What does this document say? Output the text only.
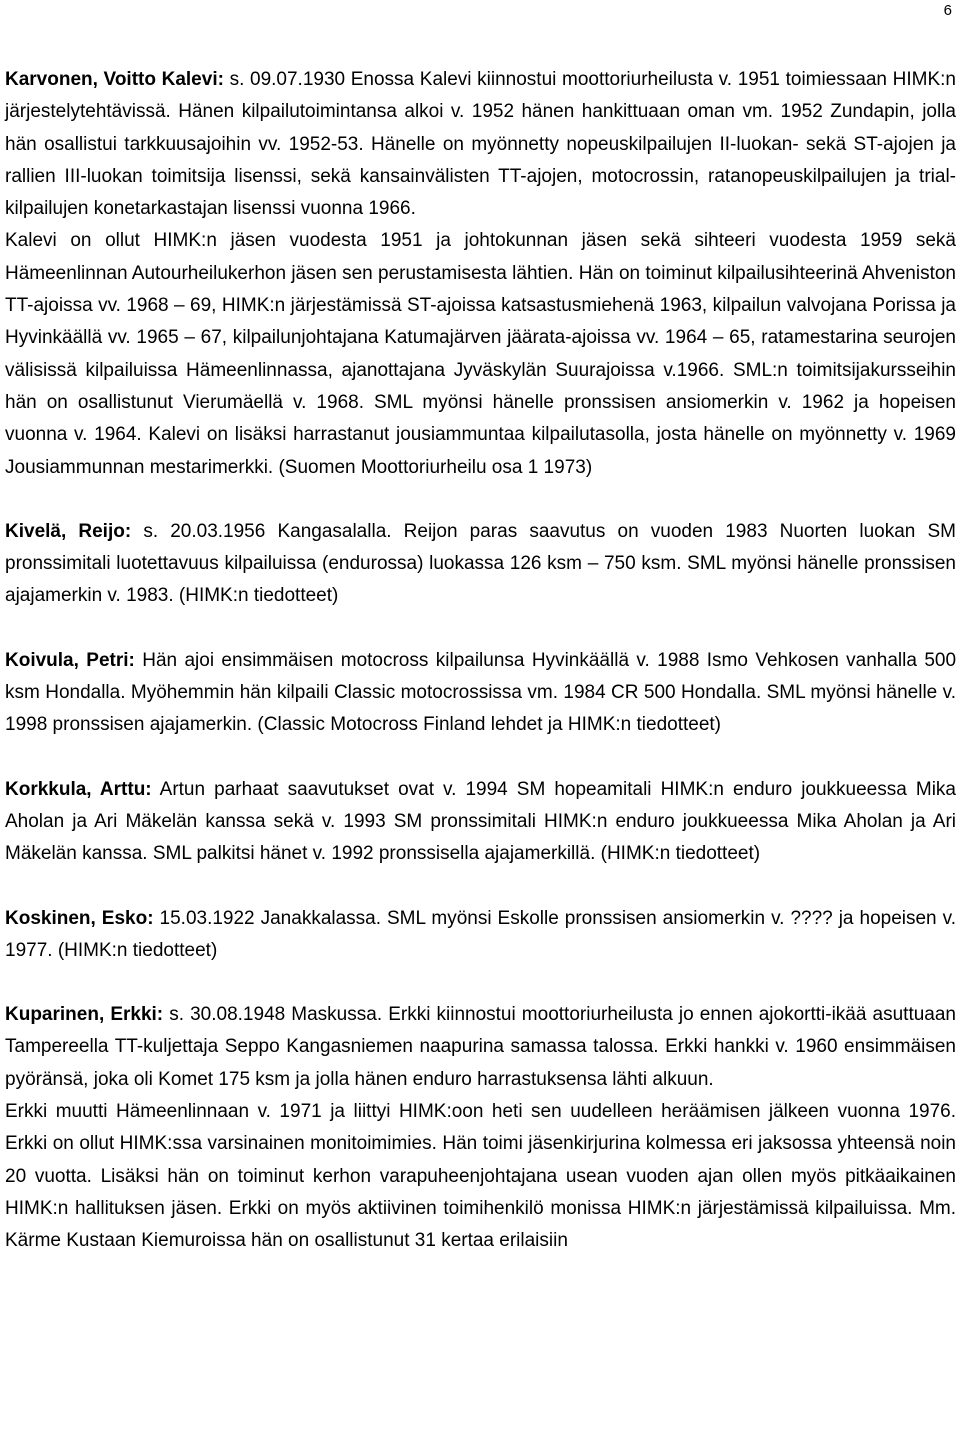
6

Karvonen, Voitto Kalevi: s. 09.07.1930 Enossa Kalevi kiinnostui moottoriurheilusta v. 1951 toimiessaan HIMK:n järjestelytehtävissä. Hänen kilpailutoimintansa alkoi v. 1952 hänen hankittuaan oman vm. 1952 Zundapin, jolla hän osallistui tarkkuusajoihin vv. 1952-53. Hänelle on myönnetty nopeuskilpailujen II-luokan- sekä ST-ajojen ja rallien III-luokan toimitsija lisenssi, sekä kansainvälisten TT-ajojen, motocrossin, ratanopeuskilpailujen ja trial-kilpailujen konetarkastajan lisenssi vuonna 1966.

Kalevi on ollut HIMK:n jäsen vuodesta 1951 ja johtokunnan jäsen sekä sihteeri vuodesta 1959 sekä Hämeenlinnan Autourheilukerhon jäsen sen perustamisesta lähtien. Hän on toiminut kilpailusihteerinä Ahveniston TT-ajoissa vv. 1968 – 69, HIMK:n järjestämissä ST-ajoissa katsastusmiehenä 1963, kilpailun valvojana Porissa ja Hyvinkäällä vv. 1965 – 67, kilpailunjohtajana Katumajärven jäärata-ajoissa vv. 1964 – 65, ratamestarina seurojen välisissä kilpailuissa Hämeenlinnassa, ajanottajana Jyväskylän Suurajoissa v.1966. SML:n toimitsijakursseihin hän on osallistunut Vierumäellä v. 1968. SML myönsi hänelle pronssisen ansiomerkin v. 1962 ja hopeisen vuonna v. 1964. Kalevi on lisäksi harrastanut jousiammuntaa kilpailutasolla, josta hänelle on myönnetty v. 1969 Jousiammunnan mestarimerkki. (Suomen Moottoriurheilu osa 1 1973)

Kivelä, Reijo: s. 20.03.1956 Kangasalalla. Reijon paras saavutus on vuoden 1983 Nuorten luokan SM pronssimitali luotettavuus kilpailuissa (endurossa) luokassa 126 ksm – 750 ksm. SML myönsi hänelle pronssisen ajajamerkin v. 1983. (HIMK:n tiedotteet)

Koivula, Petri: Hän ajoi ensimmäisen motocross kilpailunsa Hyvinkäällä v. 1988 Ismo Vehkosen vanhalla 500 ksm Hondalla. Myöhemmin hän kilpaili Classic motocrossissa vm. 1984 CR 500 Hondalla. SML myönsi hänelle v. 1998 pronssisen ajajamerkin. (Classic Motocross Finland lehdet ja HIMK:n tiedotteet)

Korkkula, Arttu: Artun parhaat saavutukset ovat v. 1994 SM hopeamitali HIMK:n enduro joukkueessa Mika Aholan ja Ari Mäkelän kanssa sekä v. 1993 SM pronssimitali HIMK:n enduro joukkueessa Mika Aholan ja Ari Mäkelän kanssa. SML palkitsi hänet v. 1992 pronssisella ajajamerkillä. (HIMK:n tiedotteet)

Koskinen, Esko: 15.03.1922 Janakkalassa. SML myönsi Eskolle pronssisen ansiomerkin v. ???? ja hopeisen v. 1977. (HIMK:n tiedotteet)

Kuparinen, Erkki: s. 30.08.1948 Maskussa. Erkki kiinnostui moottoriurheilusta jo ennen ajokortti-ikää asuttuaan Tampereella TT-kuljettaja Seppo Kangasniemen naapurina samassa talossa. Erkki hankki v. 1960 ensimmäisen pyöränsä, joka oli Komet 175 ksm ja jolla hänen enduro harrastuksensa lähti alkuun.

Erkki muutti Hämeenlinnaan v. 1971 ja liittyi HIMK:oon heti sen uudelleen heräämisen jälkeen vuonna 1976. Erkki on ollut HIMK:ssa varsinainen monitoimimies. Hän toimi jäsenkirjurina kolmessa eri jaksossa yhteensä noin 20 vuotta. Lisäksi hän on toiminut kerhon varapuheenjohtajana usean vuoden ajan ollen myös pitkäaikainen HIMK:n hallituksen jäsen. Erkki on myös aktiivinen toimihenkilö monissa HIMK:n järjestämissä kilpailuissa. Mm. Kärme Kustaan Kiemuroissa hän on osallistunut 31 kertaa erilaisiin
